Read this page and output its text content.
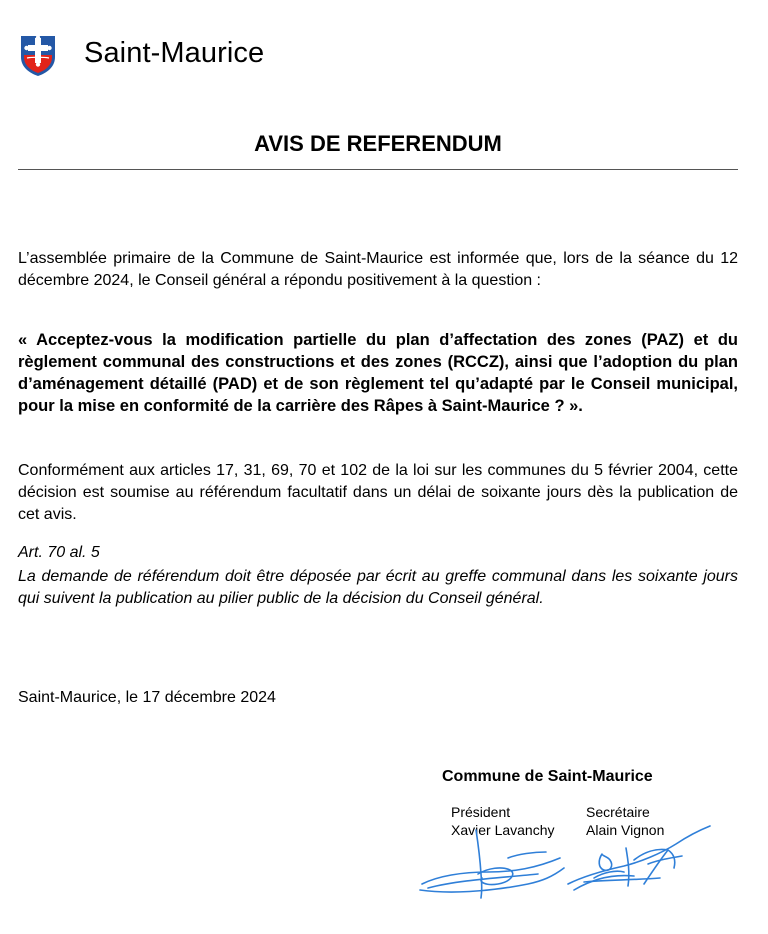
Saint-Maurice
AVIS DE REFERENDUM
L’assemblée primaire de la Commune de Saint-Maurice est informée que, lors de la séance du 12 décembre 2024, le Conseil général a répondu positivement à la question :
« Acceptez-vous la modification partielle du plan d’affectation des zones (PAZ) et du règlement communal des constructions et des zones (RCCZ), ainsi que l’adoption du plan d’aménagement détaillé (PAD) et de son règlement tel qu’adapté par le Conseil municipal, pour la mise en conformité de la carrière des Râpes à Saint-Maurice ? ».
Conformément aux articles 17, 31, 69, 70 et 102 de la loi sur les communes du 5 février 2004, cette décision est soumise au référendum facultatif dans un délai de soixante jours dès la publication de cet avis.
Art. 70 al. 5
La demande de référendum doit être déposée par écrit au greffe communal dans les soixante jours qui suivent la publication au pilier public de la décision du Conseil général.
Saint-Maurice, le 17 décembre 2024
Commune de Saint-Maurice
Président
Xavier Lavanchy
Secrétaire
Alain Vignon
